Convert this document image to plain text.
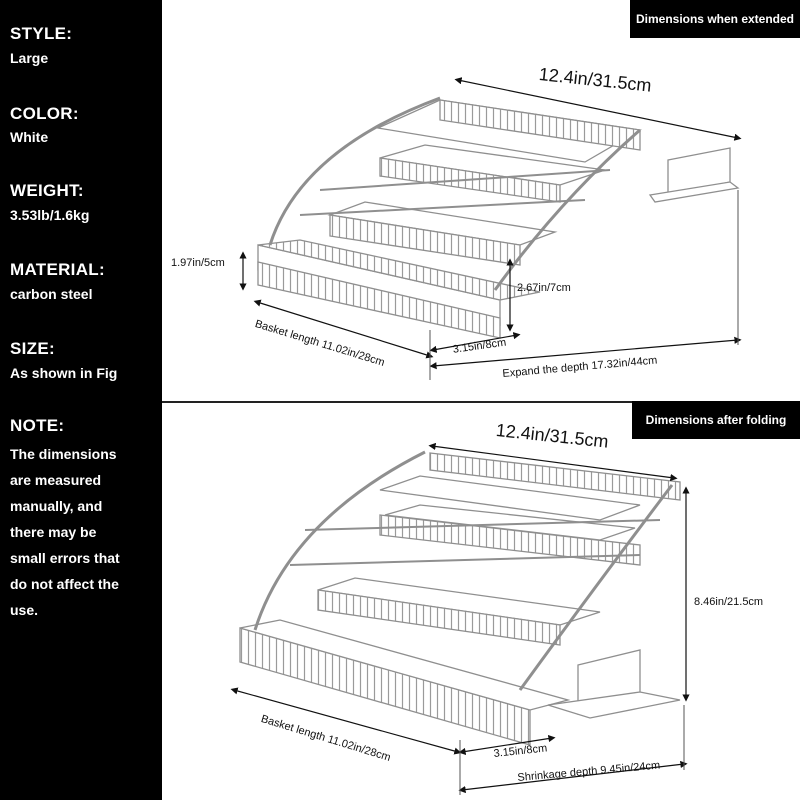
STYLE:
Large
COLOR:
White
WEIGHT:
3.53lb/1.6kg
MATERIAL:
carbon steel
SIZE:
As shown in Fig
NOTE:
The dimensions
are measured
manually, and
there may be
small errors that
do not affect the
use.
Dimensions when extended
Dimensions after folding
12.4in/31.5cm
1.97in/5cm
2.67in/7cm
Basket length 11.02in/28cm	3.15in/8cm
Expand the depth 17.32in/44cm
12.4in/31.5cm
8.46in/21.5cm
Basket length 11.02in/28cm	3.15in/8cm
Shrinkage depth 9.45in/24cm
